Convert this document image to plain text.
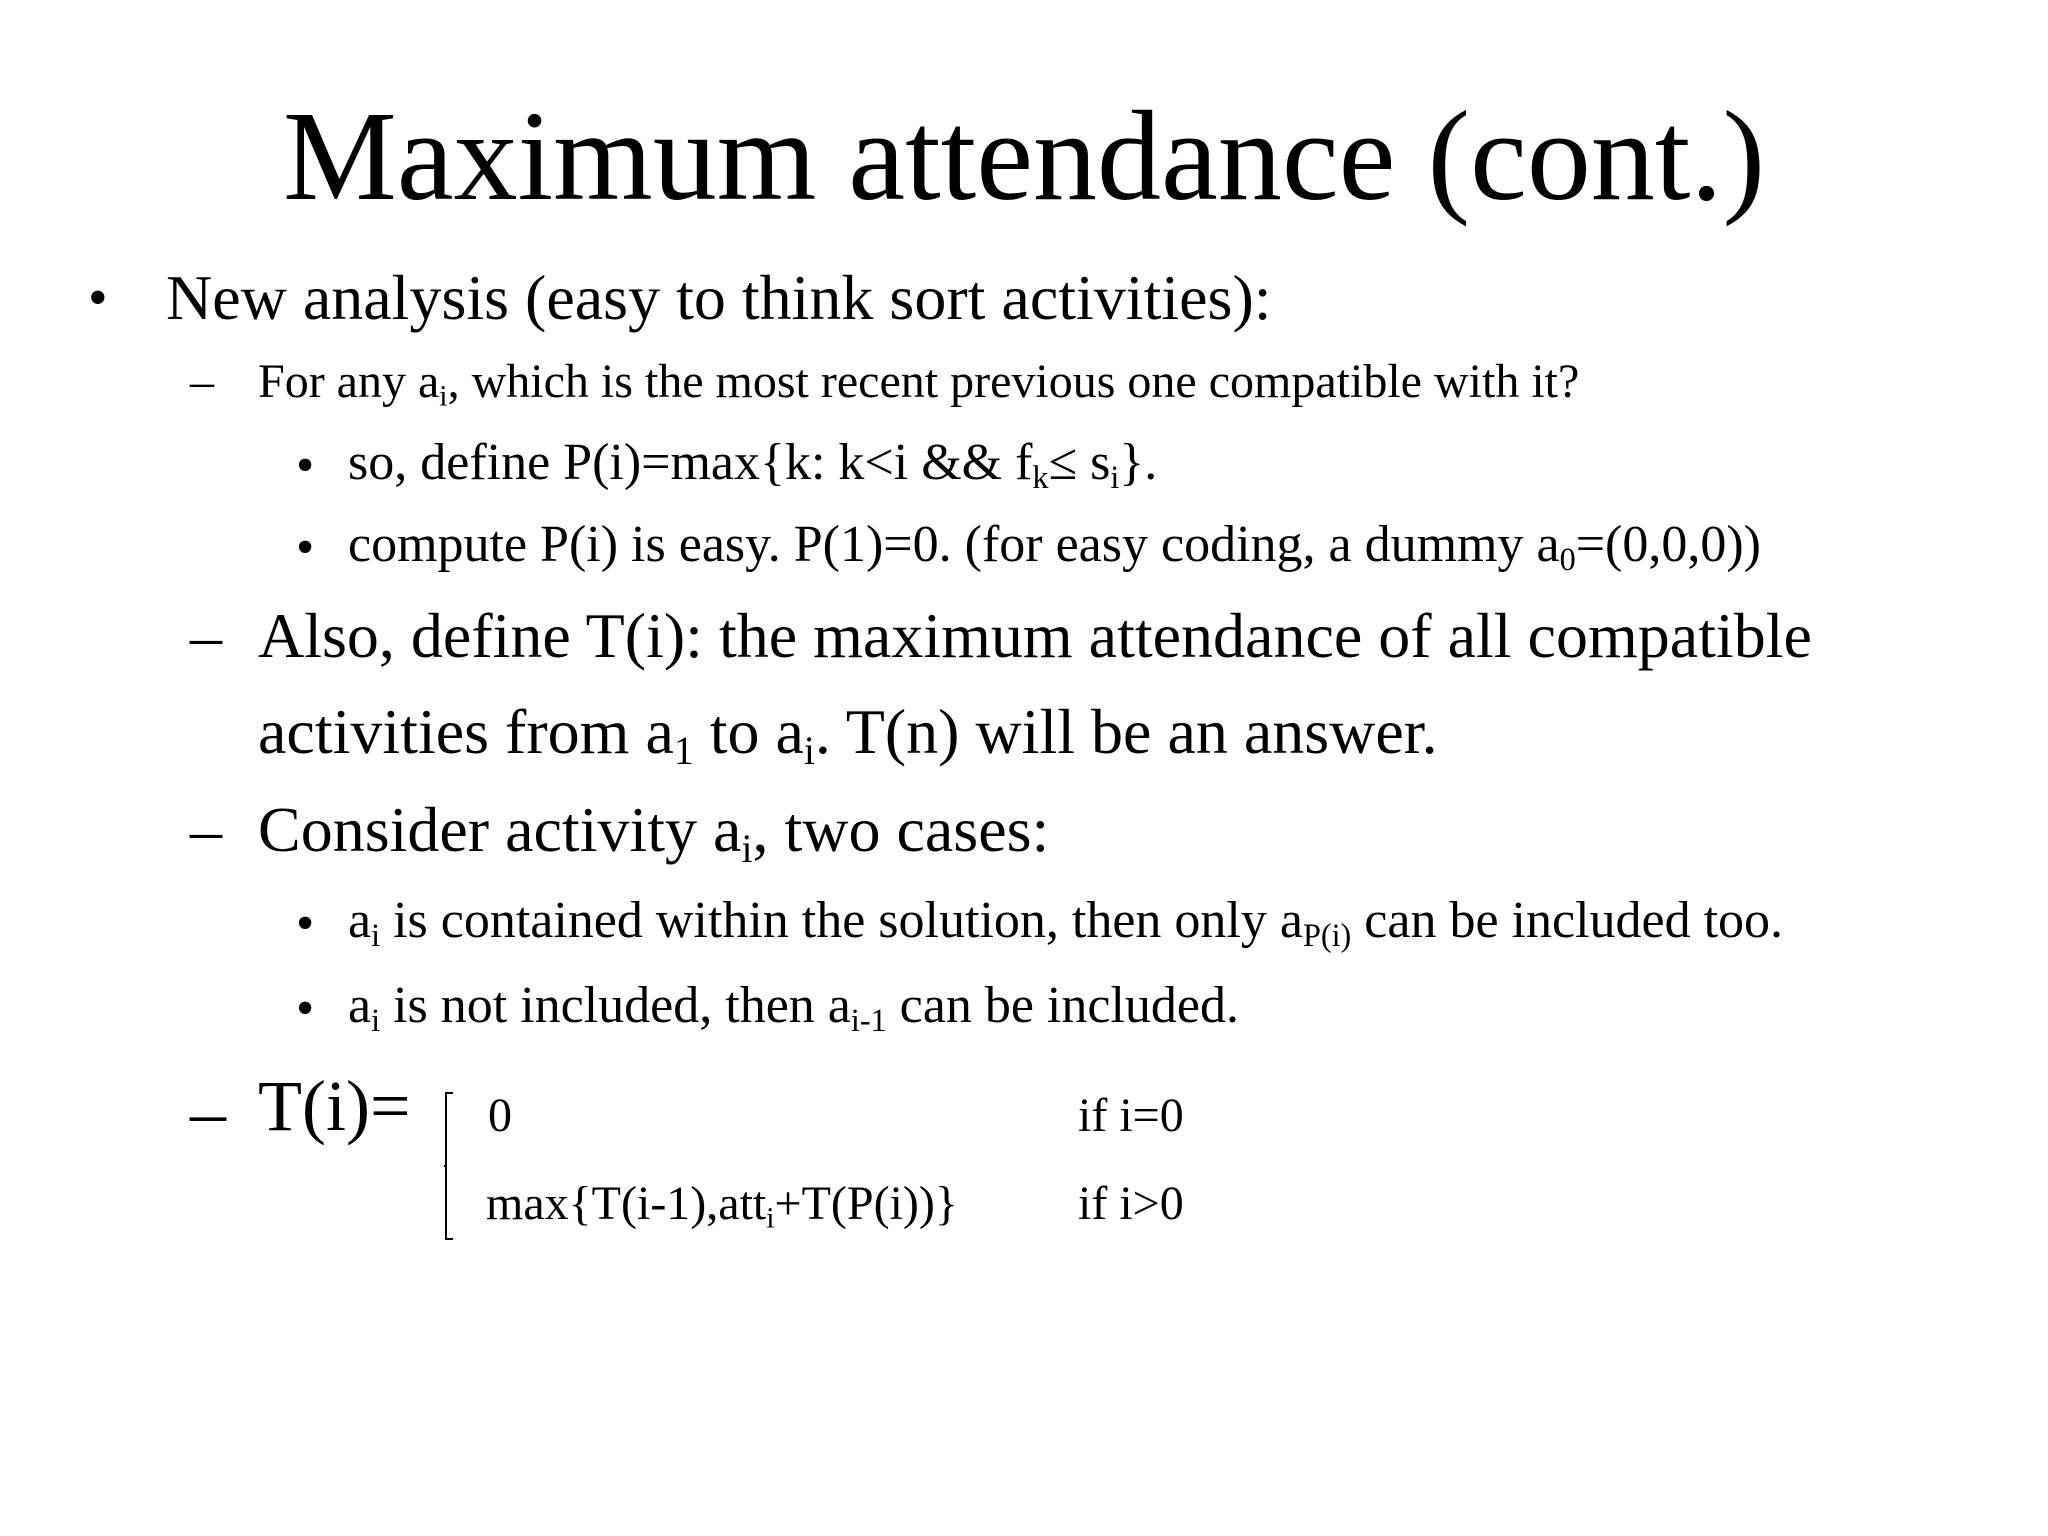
Maximum attendance (cont.)
• New analysis (easy to think sort activities):
– For any $a_i$, which is the most recent previous one compatible with it?
• so, define P(i)=max{k: k<i && $f_k\le s_i$}.
• compute P(i) is easy. P(1)=0. (for easy coding, a dummy $a_0=(0,0,0)$)
– Also, define T(i): the maximum attendance of all compatible
activities from $a_1$ to $a_i$. T(n) will be an answer.
– Consider activity $a_i$, two cases:
• $a_i$ is contained within the solution, then only $a_{P(i)}$ can be included too.
• $a_i$ is not included, then $a_{i-1}$ can be included.
– T(i)= 0	if i=0
max{T(i-1),att$_i$+T(P(i))}	if i>0
